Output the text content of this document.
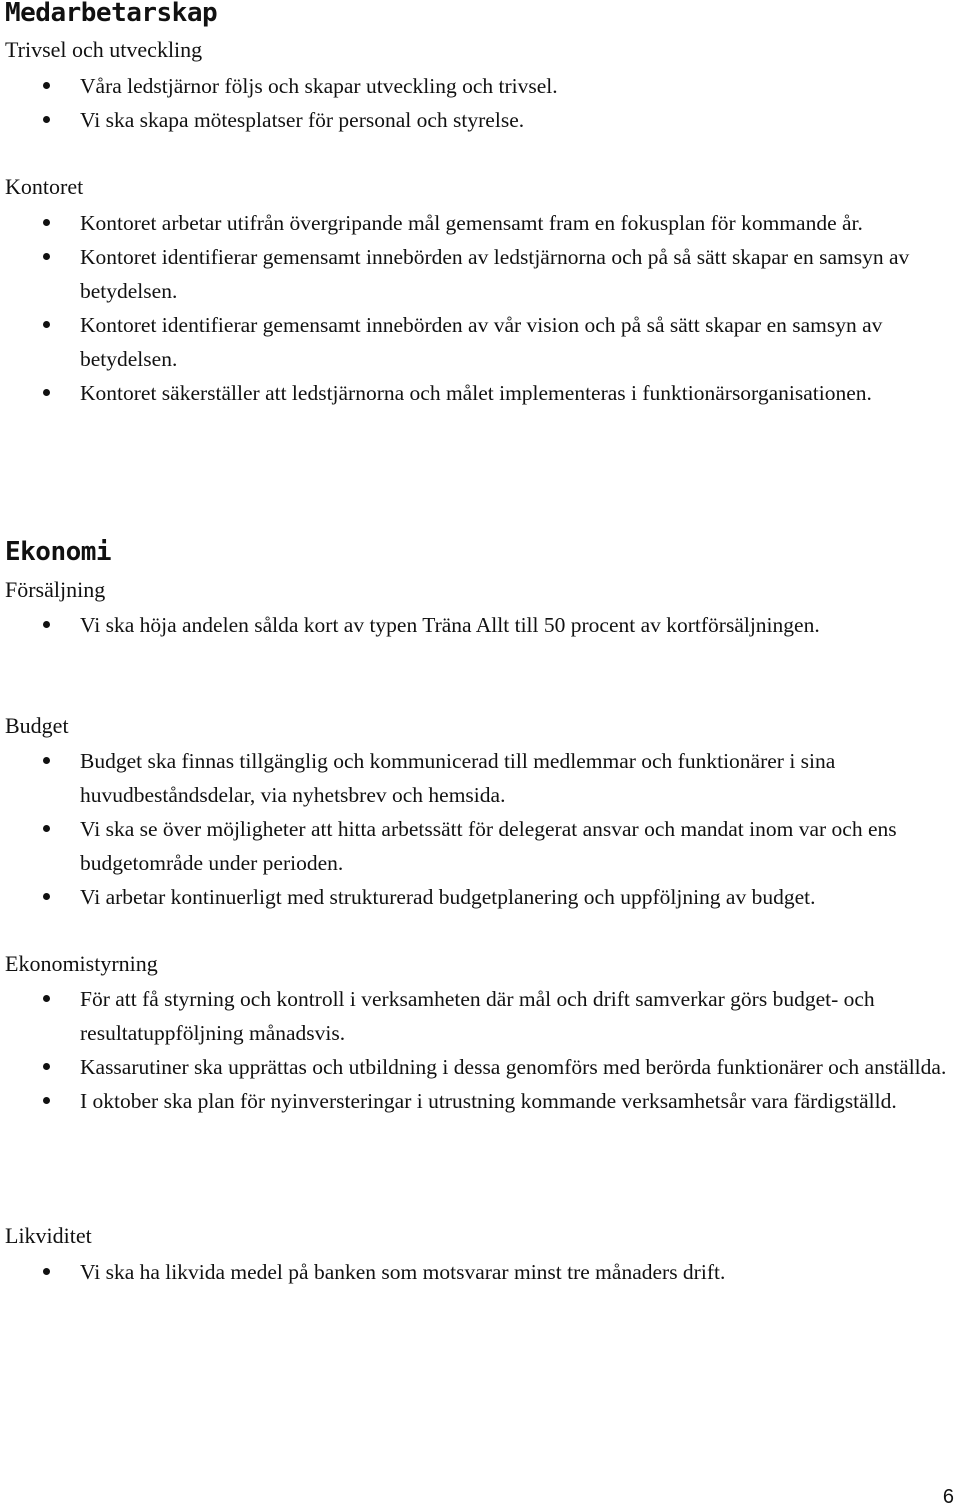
Medarbetarskap
Trivsel och utveckling
Våra ledstjärnor följs och skapar utveckling och trivsel.
Vi ska skapa mötesplatser för personal och styrelse.
Kontoret
Kontoret arbetar utifrån övergripande mål gemensamt fram en fokusplan för kommande år.
Kontoret identifierar gemensamt innebörden av ledstjärnorna och på så sätt skapar en samsyn av betydelsen.
Kontoret identifierar gemensamt innebörden av vår vision och på så sätt skapar en samsyn av betydelsen.
Kontoret säkerställer att ledstjärnorna och målet implementeras i funktionärsorganisationen.
Ekonomi
Försäljning
Vi ska höja andelen sålda kort av typen Träna Allt till 50 procent av kortförsäljningen.
Budget
Budget ska finnas tillgänglig och kommunicerad till medlemmar och funktionärer i sina huvudbeståndsdelar, via nyhetsbrev och hemsida.
Vi ska se över möjligheter att hitta arbetssätt för delegerat ansvar och mandat inom var och ens budgetområde under perioden.
Vi arbetar kontinuerligt med strukturerad budgetplanering och uppföljning av budget.
Ekonomistyrning
För att få styrning och kontroll i verksamheten där mål och drift samverkar görs budget- och resultatuppföljning månadsvis.
Kassarutiner ska upprättas och utbildning i dessa genomförs med berörda funktionärer och anställda.
I oktober ska plan för nyinversteringar i utrustning kommande verksamhetsår vara färdigställd.
Likviditet
Vi ska ha likvida medel på banken som motsvarar minst tre månaders drift.
6
